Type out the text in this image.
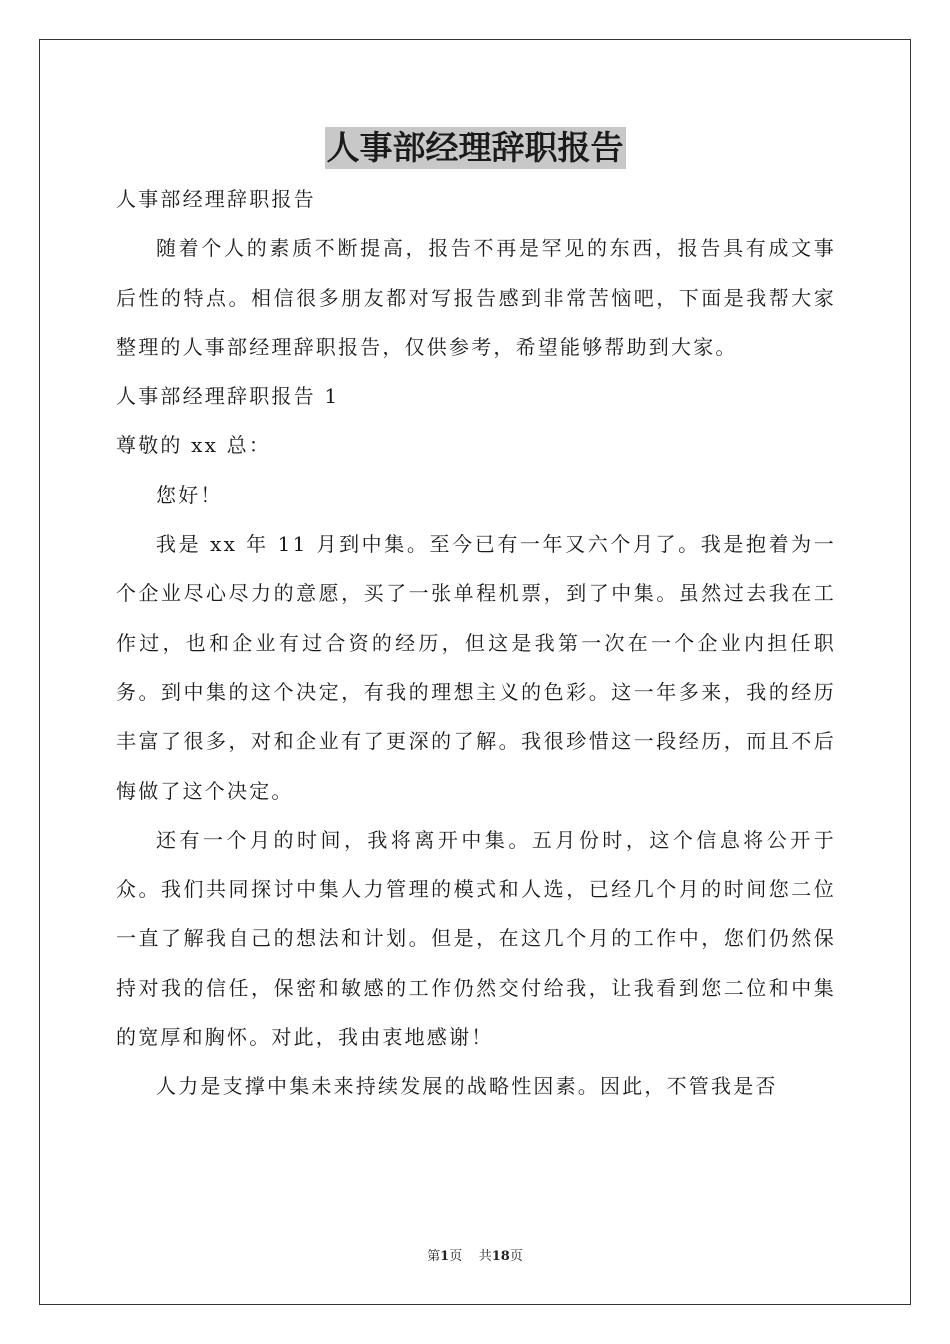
人事部经理辞职报告

人事部经理辞职报告

随着个人的素质不断提高，报告不再是罕见的东西，报告具有成文事后性的特点。相信很多朋友都对写报告感到非常苦恼吧，下面是我帮大家整理的人事部经理辞职报告，仅供参考，希望能够帮助到大家。

人事部经理辞职报告 1

尊敬的 xx 总：

您好！

我是 xx 年 11 月到中集。至今已有一年又六个月了。我是抱着为一个企业尽心尽力的意愿，买了一张单程机票，到了中集。虽然过去我在工作过，也和企业有过合资的经历，但这是我第一次在一个企业内担任职务。到中集的这个决定，有我的理想主义的色彩。这一年多来，我的经历丰富了很多，对和企业有了更深的了解。我很珍惜这一段经历，而且不后悔做了这个决定。

还有一个月的时间，我将离开中集。五月份时，这个信息将公开于众。我们共同探讨中集人力管理的模式和人选，已经几个月的时间您二位一直了解我自己的想法和计划。但是，在这几个月的工作中，您们仍然保持对我的信任，保密和敏感的工作仍然交付给我，让我看到您二位和中集的宽厚和胸怀。对此，我由衷地感谢！

人力是支撑中集未来持续发展的战略性因素。因此，不管我是否

第1页 共18页
